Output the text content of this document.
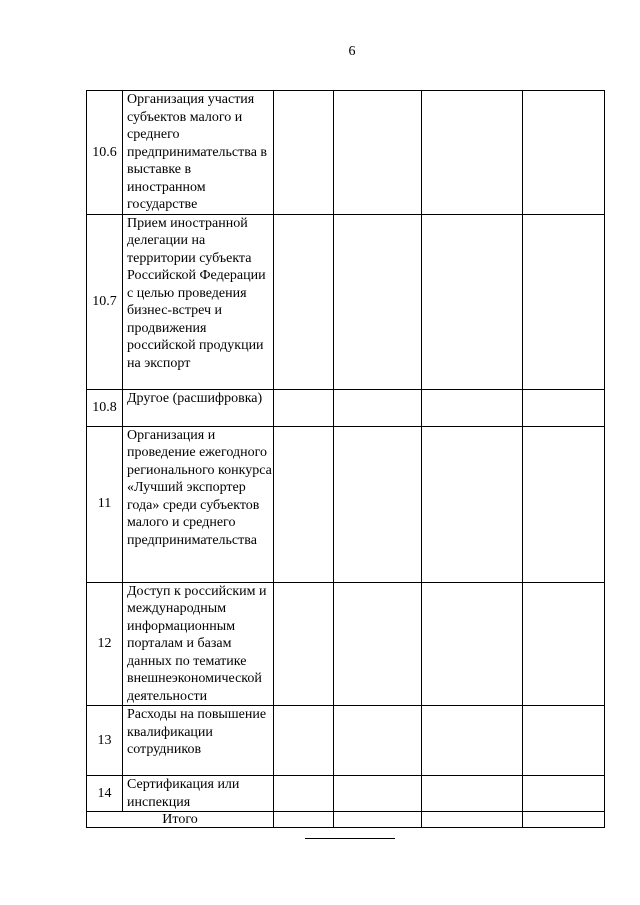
6
10.6	Организация участия субъектов малого и среднего предпринимательства в выставке в иностранном государстве				
10.7	Прием иностранной делегации на территории субъекта Российской Федерации с целью проведения бизнес-встреч и продвижения российской продукции на экспорт				
10.8	Другое (расшифровка)				
11	Организация и проведение ежегодного регионального конкурса «Лучший экспортер года» среди субъектов малого и среднего предпринимательства				
12	Доступ к российским и международным информационным порталам и базам данных по тематике внешнеэкономической деятельности				
13	Расходы на повышение квалификации сотрудников				
14	Сертификация или инспекция				
Итого					
